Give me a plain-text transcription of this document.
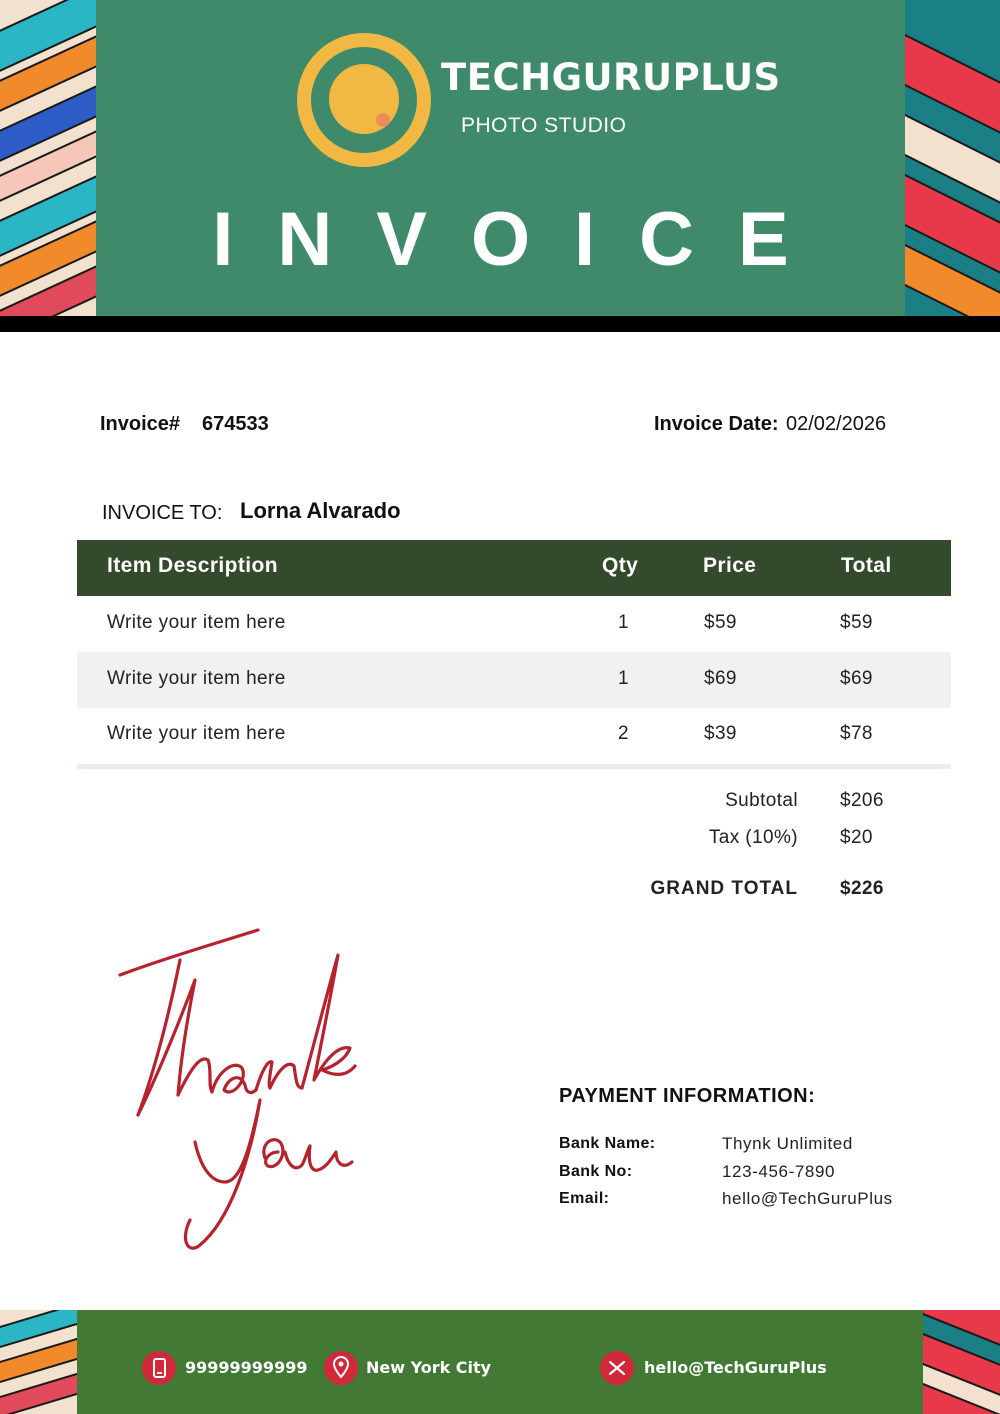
TECHGURUPLUS
PHOTO STUDIO
INVOICE
Invoice# 674533	Invoice Date: 02/02/2026
INVOICE TO: Lorna Alvarado
Item Description	Qty	Price	Total
Write your item here	1	$59	$59
Write your item here	1	$69	$69
Write your item here	2	$39	$78
Subtotal $206
Tax (10%) $20
GRAND TOTAL $226
PAYMENT INFORMATION:
Bank Name:	Thynk Unlimited
Bank No:	123-456-7890
Email:	hello@TechGuruPlus
99999999999	New York City	hello@TechGuruPlus
